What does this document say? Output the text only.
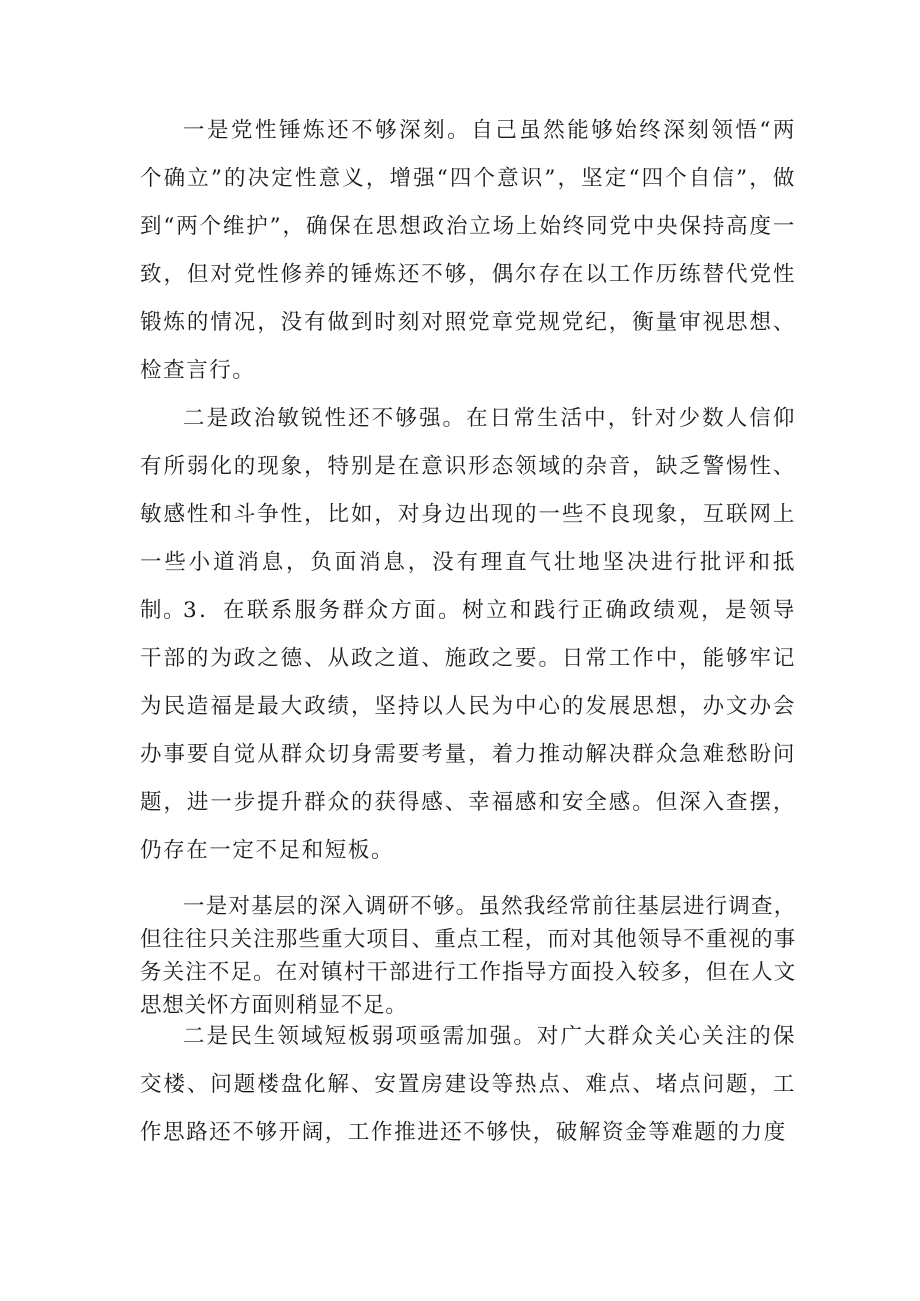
一是党性锤炼还不够深刻。自己虽然能够始终深刻领悟“两个确立”的决定性意义，增强“四个意识”，坚定“四个自信”，做到“两个维护”，确保在思想政治立场上始终同党中央保持高度一致，但对党性修养的锤炼还不够，偶尔存在以工作历练替代党性锻炼的情况，没有做到时刻对照党章党规党纪，衡量审视思想、检查言行。

二是政治敏锐性还不够强。在日常生活中，针对少数人信仰有所弱化的现象，特别是在意识形态领域的杂音，缺乏警惕性、敏感性和斗争性，比如，对身边出现的一些不良现象，互联网上一些小道消息，负面消息，没有理直气壮地坚决进行批评和抵制。

3．在联系服务群众方面。树立和践行正确政绩观，是领导干部的为政之德、从政之道、施政之要。日常工作中，能够牢记为民造福是最大政绩，坚持以人民为中心的发展思想，办文办会办事要自觉从群众切身需要考量，着力推动解决群众急难愁盼问题，进一步提升群众的获得感、幸福感和安全感。但深入查摆，仍存在一定不足和短板。

一是对基层的深入调研不够。虽然我经常前往基层进行调查，但往往只关注那些重大项目、重点工程，而对其他领导不重视的事务关注不足。在对镇村干部进行工作指导方面投入较多，但在人文思想关怀方面则稍显不足。

二是民生领域短板弱项亟需加强。对广大群众关心关注的保交楼、问题楼盘化解、安置房建设等热点、难点、堵点问题，工作思路还不够开阔，工作推进还不够快，破解资金等难题的力度
